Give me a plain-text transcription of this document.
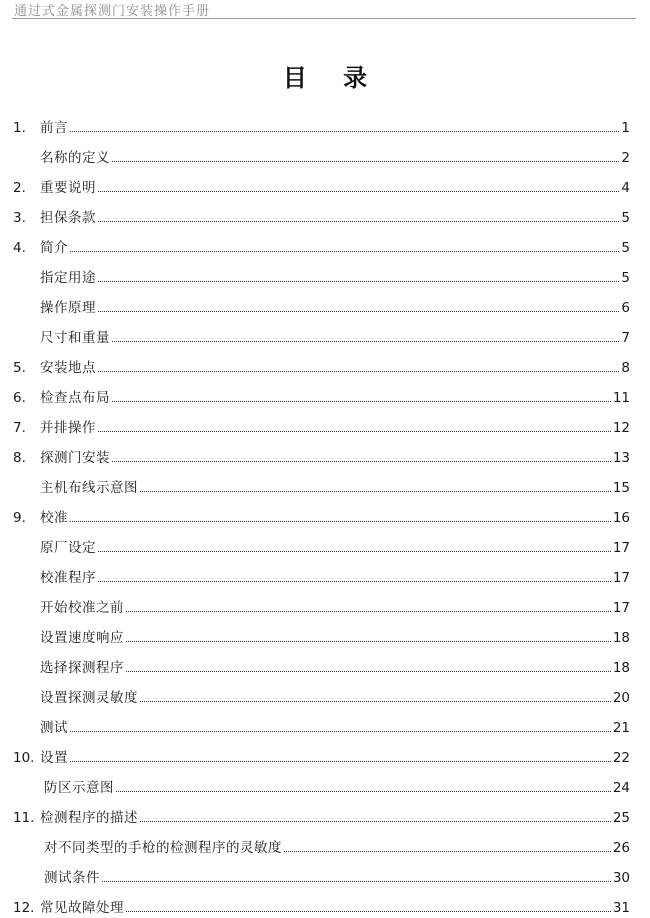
通过式金属探测门安装操作手册
目 录
1. 前言	1
名称的定义	2
2. 重要说明	4
3. 担保条款	5
4. 简介	5
指定用途	5
操作原理	6
尺寸和重量	7
5. 安装地点	8
6. 检查点布局	11
7. 并排操作	12
8. 探测门安装	13
主机布线示意图	15
9. 校准	16
原厂设定	17
校准程序	17
开始校准之前	17
设置速度响应	18
选择探测程序	18
设置探测灵敏度	20
测试	21
10. 设置	22
防区示意图	24
11. 检测程序的描述	25
对不同类型的手枪的检测程序的灵敏度	26
测试条件	30
12. 常见故障处理	31
